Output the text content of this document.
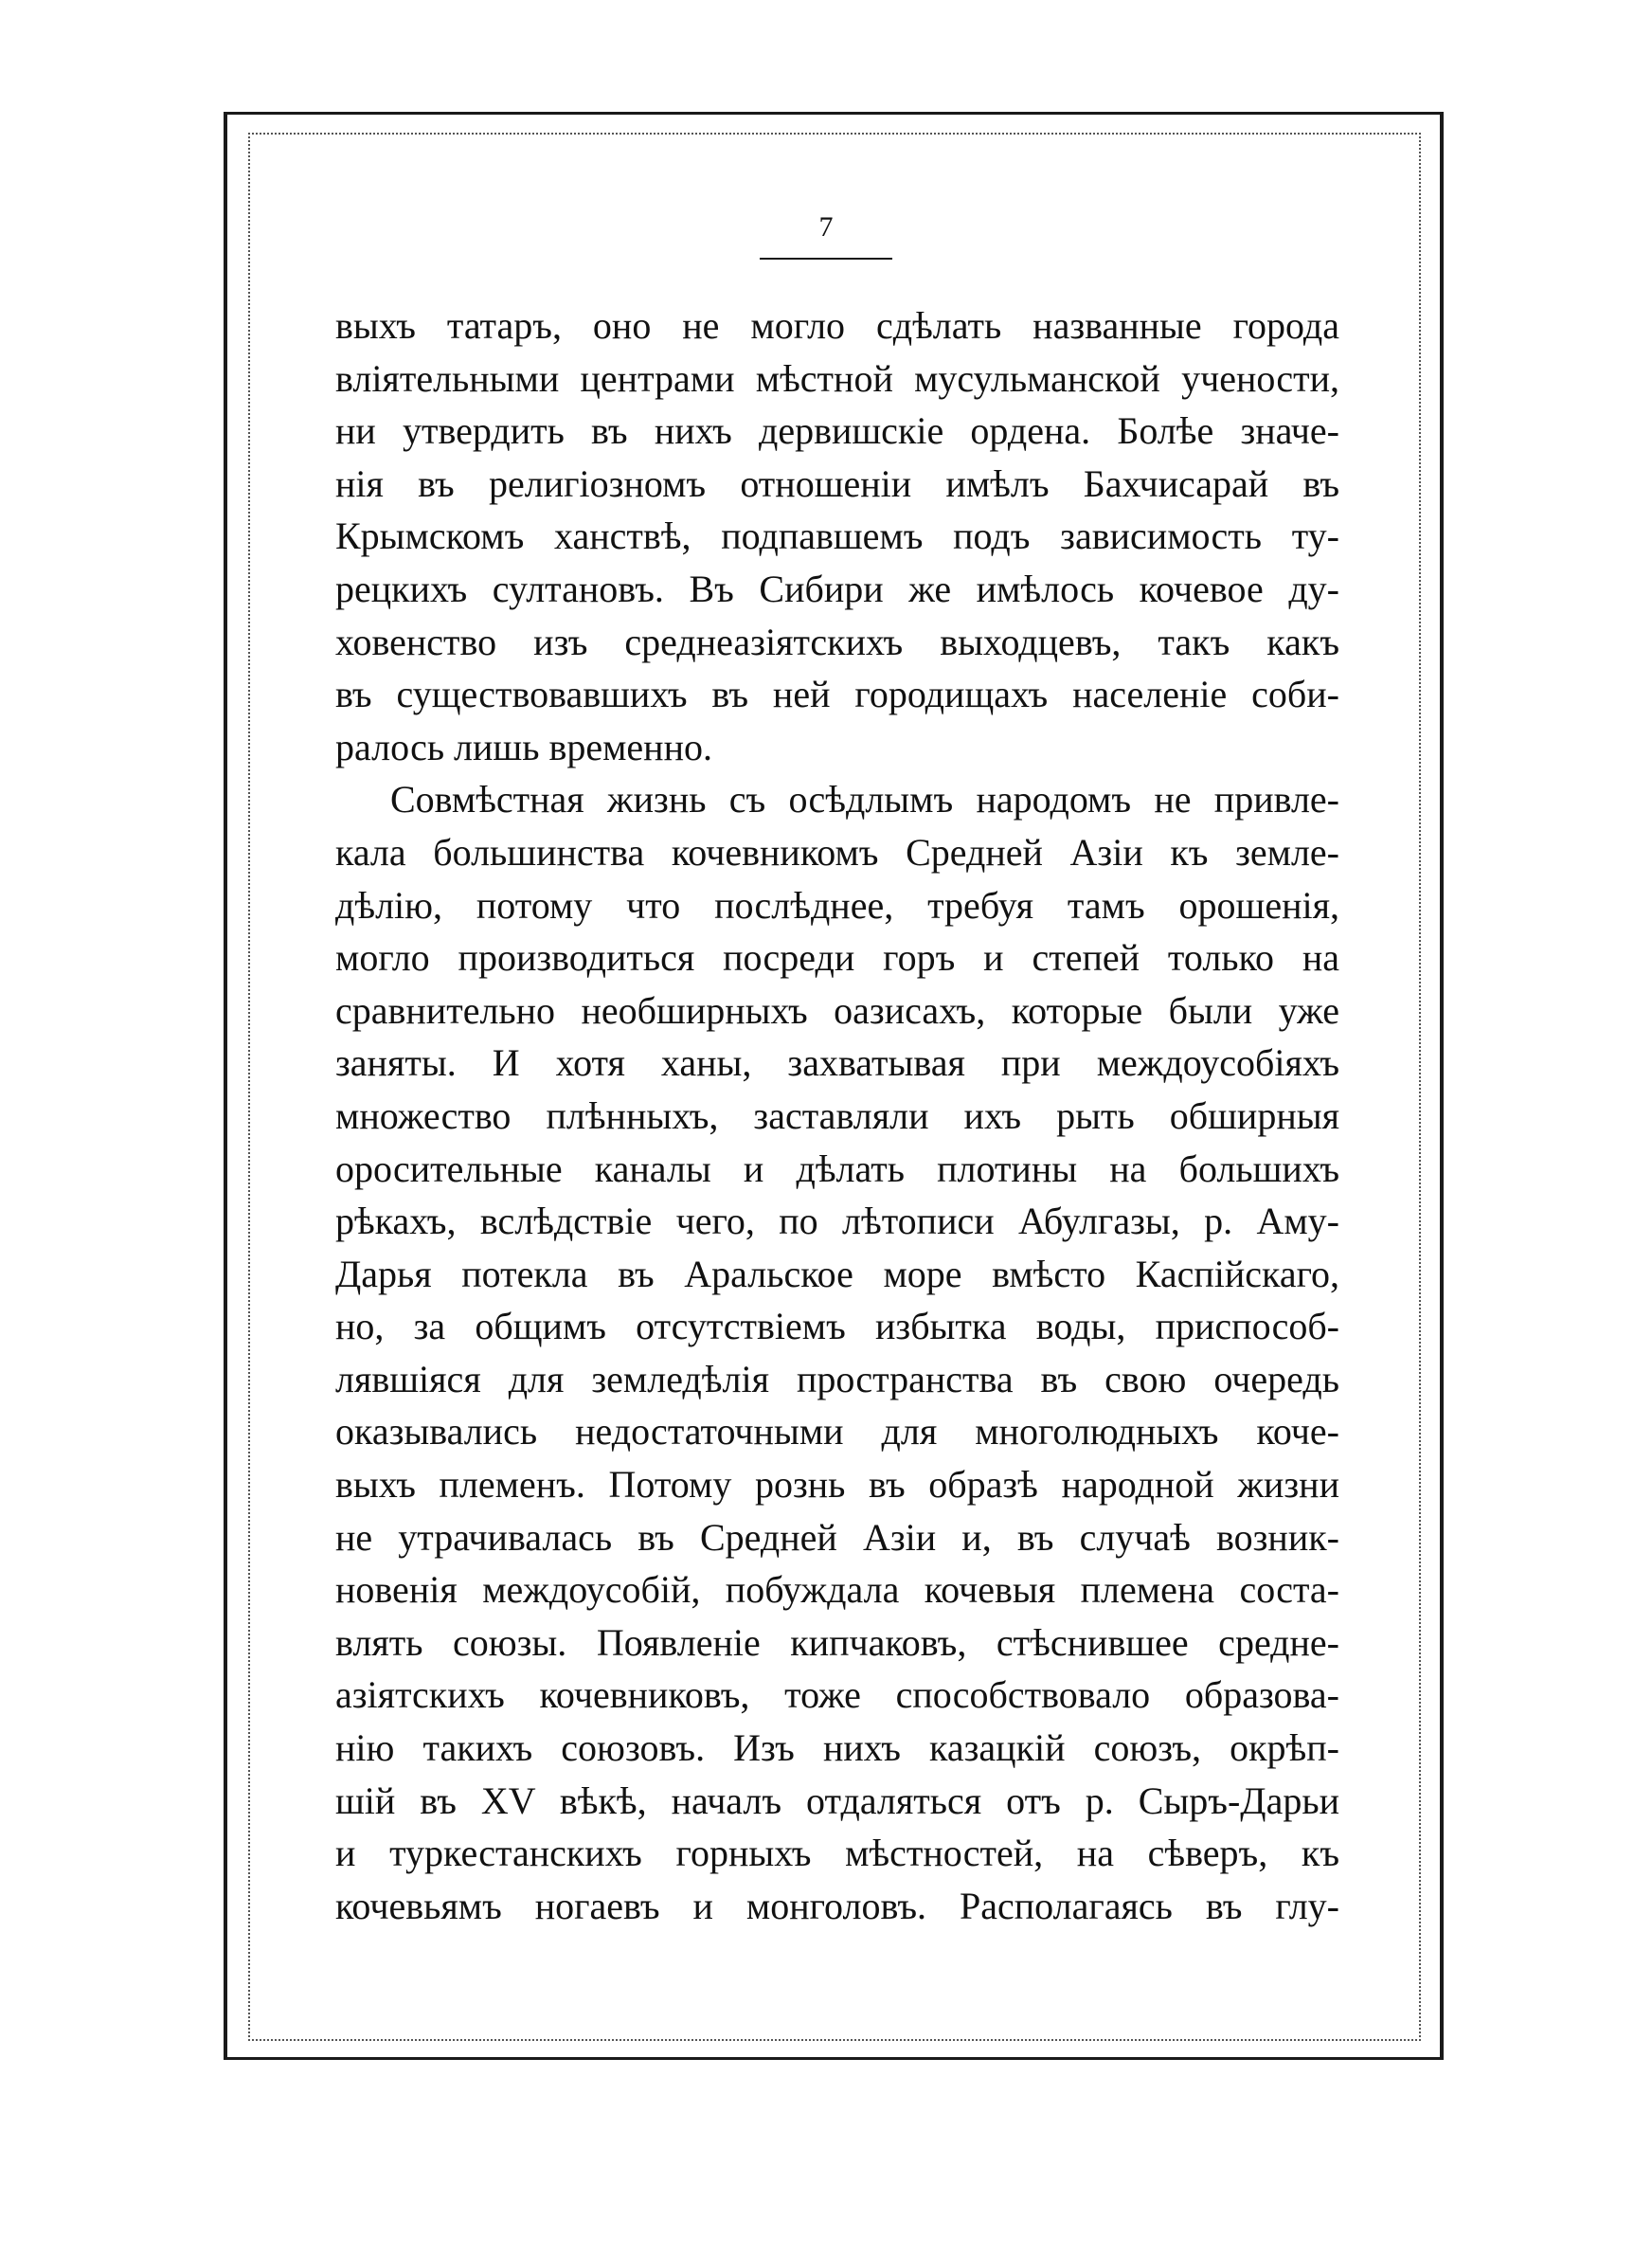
7
выхъ татаръ, оно не могло сдѣлать названные города
влiятельными центрами мѣстной мусульманской учености,
ни утвердить въ нихъ дервишскiе ордена. Болѣе значе-
нiя въ религiозномъ отношенiи имѣлъ Бахчисарай въ
Крымскомъ ханствѣ, подпавшемъ подъ зависимость ту-
рецкихъ султановъ. Въ Сибири же имѣлось кочевое ду-
ховенство изъ среднеазiятскихъ выходцевъ, такъ какъ
въ существовавшихъ въ ней городищахъ населенiе соби-
ралось лишь временно.
Совмѣстная жизнь съ осѣдлымъ народомъ не привле-
кала большинства кочевникомъ Средней Азiи къ земле-
дѣлiю, потому что послѣднее, требуя тамъ орошенiя,
могло производиться посреди горъ и степей только на
сравнительно необширныхъ оазисахъ, которые были уже
заняты. И хотя ханы, захватывая при междоусобiяхъ
множество плѣнныхъ, заставляли ихъ рыть обширныя
оросительные каналы и дѣлать плотины на большихъ
рѣкахъ, вслѣдствiе чего, по лѣтописи Абулгазы, р. Аму-
Дарья потекла въ Аральское море вмѣсто Каспiйскаго,
но, за общимъ отсутствiемъ избытка воды, приспособ-
лявшiяся для земледѣлiя пространства въ свою очередь
оказывались недостаточными для многолюдныхъ коче-
выхъ племенъ. Потому рознь въ образѣ народной жизни
не утрачивалась въ Средней Азiи и, въ случаѣ возник-
новенiя междоусобiй, побуждала кочевыя племена соста-
влять союзы. Появленiе кипчаковъ, стѣснившее средне-
азiятскихъ кочевниковъ, тоже способствовало образова-
нiю такихъ союзовъ. Изъ нихъ казацкiй союзъ, окрѣп-
шiй въ XV вѣкѣ, началъ отдаляться отъ р. Сыръ-Дарьи
и туркестанскихъ горныхъ мѣстностей, на сѣверъ, къ
кочевьямъ ногаевъ и монголовъ. Располагаясь въ глу-
